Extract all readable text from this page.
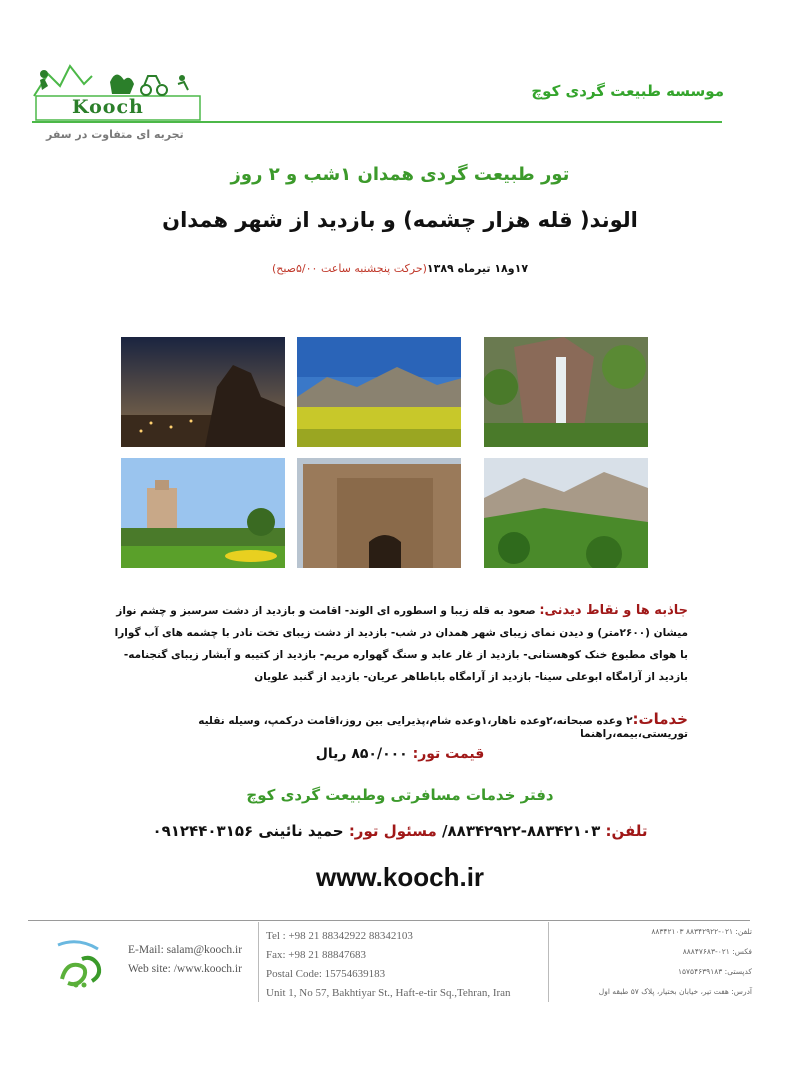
Kooch
موسسه طبیعت گردی کوچ
تجربه ای متفاوت در سفر
تور طبیعت گردی همدان ۱شب و ۲ روز
الوند( قله هزار چشمه) و بازدید از شهر همدان
۱۷و۱۸ تیرماه ۱۳۸۹(حرکت پنجشنبه ساعت ۵/۰۰صبح)
جاذبه ها و نقاط دیدنی: صعود به قله زیبا و اسطوره ای الوند- اقامت و بازدید از دشت سرسبز و چشم نواز میشان (۲۶۰۰متر) و دیدن نمای زیبای شهر همدان در شب- بازدید از دشت زیبای تخت نادر با چشمه های آب گوارا با هوای مطبوع خنک کوهستانی- بازدید از غار عابد و سنگ گهواره مریم- بازدید از کتیبه و آبشار زیبای گنجنامه- بازدید از آرامگاه ابوعلی سینا- بازدید از آرامگاه باباطاهر عریان- بازدید از گنبد علویان
خدمات:۲ وعده صبحانه،۲وعده ناهار،۱وعده شام،پذیرایی بین روز،اقامت درکمپ، وسیله نقلیه توریستی،بیمه،راهنما
قیمت تور: ۸۵۰/۰۰۰ ریال
دفتر خدمات مسافرتی وطبیعت گردی کوچ
تلفن: ۸۸۳۴۲۱۰۳-۸۸۳۴۲۹۲۲/ مسئول تور: حمید نائینی ۰۹۱۲۴۴۰۳۱۵۶
www.kooch.ir
E-Mail: salam@kooch.ir
Web site: /www.kooch.ir
Tel : +98 21 88342922 88342103
Fax: +98 21 88847683
Postal Code: 15754639183
Unit 1, No 57, Bakhtiyar St., Haft-e-tir Sq.,Tehran, Iran
تلفن: ۰۲۱-۸۸۳۴۲۹۲۲ ۸۸۳۴۲۱۰۳
فکس: ۰۲۱-۸۸۸۴۷۶۸۳
کدپستی: ۱۵۷۵۴۶۳۹۱۸۳
آدرس: هفت تیر، خیابان بختیار، پلاک ۵۷ طبقه اول
